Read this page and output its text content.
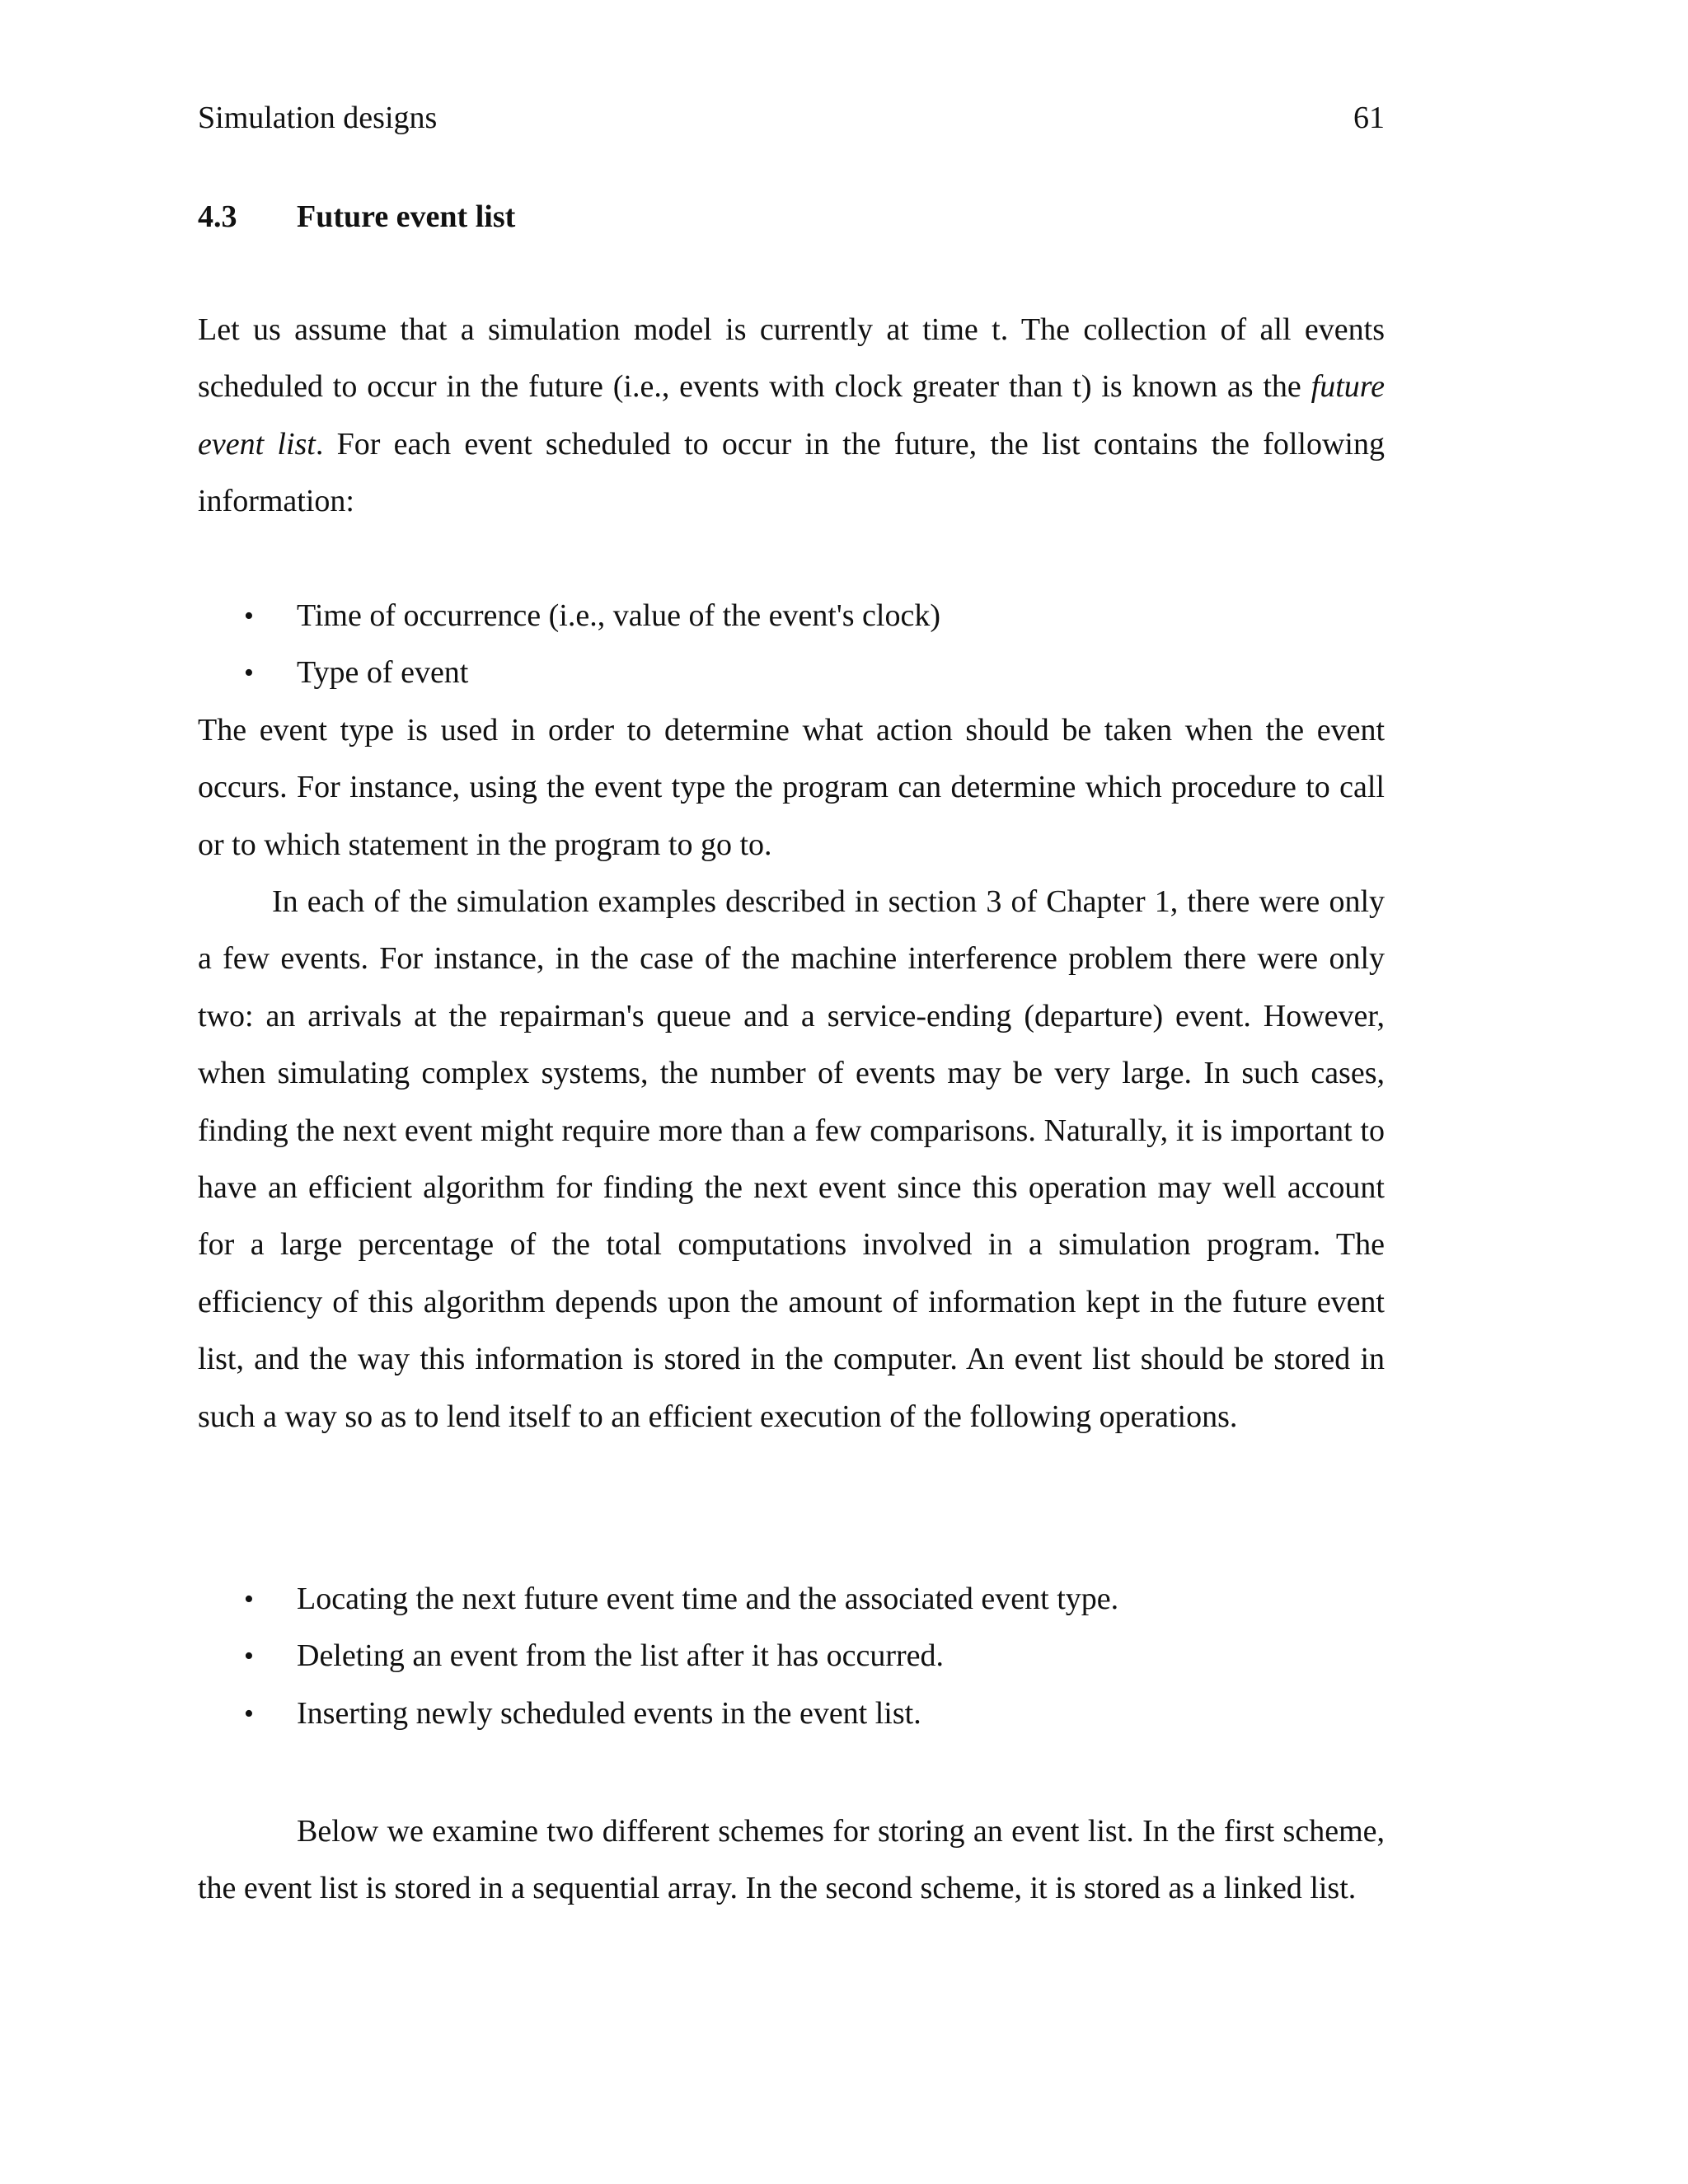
Simulation designs	61
4.3 Future event list

Let us assume that a simulation model is currently at time t. The collection of all events scheduled to occur in the future (i.e., events with clock greater than t) is known as the future event list. For each event scheduled to occur in the future, the list contains the following information:

• Time of occurrence (i.e., value of the event's clock)
• Type of event

The event type is used in order to determine what action should be taken when the event occurs. For instance, using the event type the program can determine which procedure to call or to which statement in the program to go to.

In each of the simulation examples described in section 3 of Chapter 1, there were only a few events. For instance, in the case of the machine interference problem there were only two: an arrivals at the repairman's queue and a service-ending (departure) event. However, when simulating complex systems, the number of events may be very large. In such cases, finding the next event might require more than a few comparisons. Naturally, it is important to have an efficient algorithm for finding the next event since this operation may well account for a large percentage of the total computations involved in a simulation program. The efficiency of this algorithm depends upon the amount of information kept in the future event list, and the way this information is stored in the computer. An event list should be stored in such a way so as to lend itself to an efficient execution of the following operations.

• Locating the next future event time and the associated event type.
• Deleting an event from the list after it has occurred.
• Inserting newly scheduled events in the event list.

Below we examine two different schemes for storing an event list. In the first scheme, the event list is stored in a sequential array. In the second scheme, it is stored as a linked list.
